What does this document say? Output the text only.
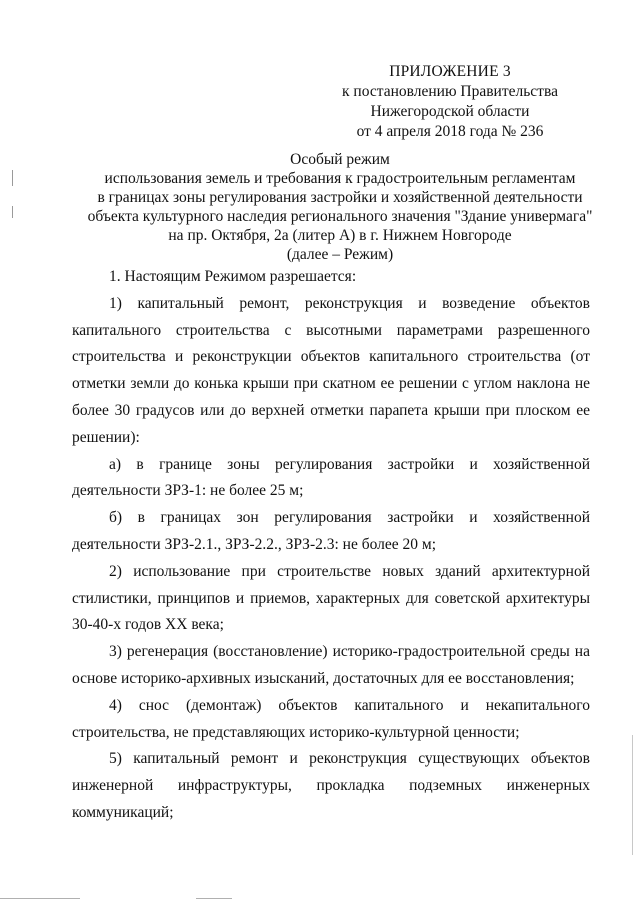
ПРИЛОЖЕНИЕ 3
к постановлению Правительства
Нижегородской области
от 4 апреля 2018 года № 236
Особый режим
использования земель и требования к градостроительным регламентам
в границах зоны регулирования застройки и хозяйственной деятельности
объекта культурного наследия регионального значения "Здание универмага"
на пр. Октября, 2а (литер А) в г. Нижнем Новгороде
(далее – Режим)

1. Настоящим Режимом разрешается:

1) капитальный ремонт, реконструкция и возведение объектов капитального строительства с высотными параметрами разрешенного строительства и реконструкции объектов капитального строительства (от отметки земли до конька крыши при скатном ее решении с углом наклона не более 30 градусов или до верхней отметки парапета крыши при плоском ее решении):

а) в границе зоны регулирования застройки и хозяйственной деятельности ЗРЗ-1: не более 25 м;

б) в границах зон регулирования застройки и хозяйственной деятельности ЗРЗ-2.1., ЗРЗ-2.2., ЗРЗ-2.3: не более 20 м;

2) использование при строительстве новых зданий архитектурной стилистики, принципов и приемов, характерных для советской архитектуры 30-40-х годов XX века;

3) регенерация (восстановление) историко-градостроительной среды на основе историко-архивных изысканий, достаточных для ее восстановления;

4) снос (демонтаж) объектов капитального и некапитального строительства, не представляющих историко-культурной ценности;

5) капитальный ремонт и реконструкция существующих объектов инженерной инфраструктуры, прокладка подземных инженерных коммуникаций;
